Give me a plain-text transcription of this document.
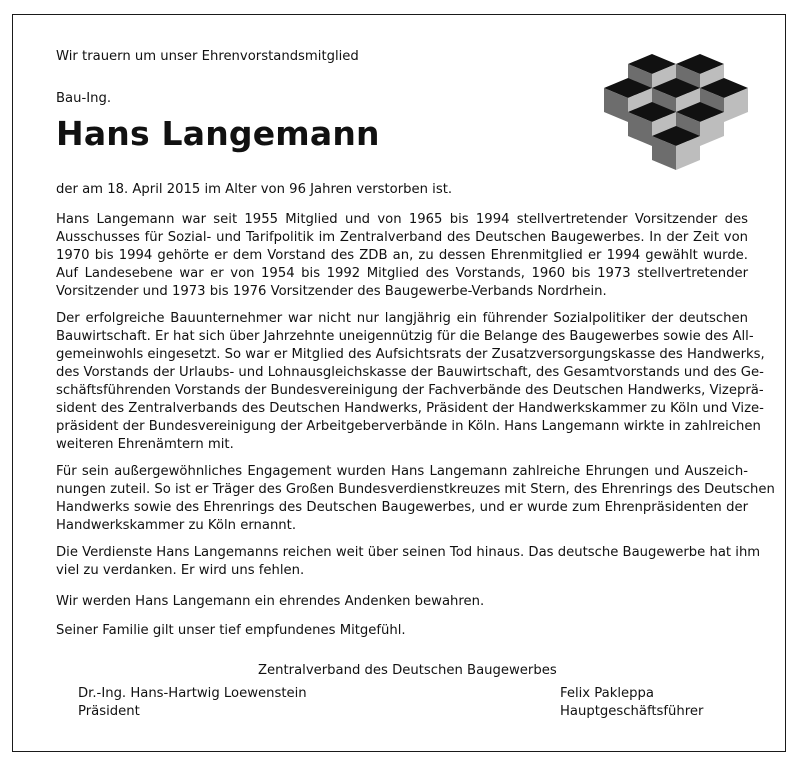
Wir trauern um unser Ehrenvorstandsmitglied

Bau-Ing.

Hans Langemann

der am 18. April 2015 im Alter von 96 Jahren verstorben ist.

Hans Langemann war seit 1955 Mitglied und von 1965 bis 1994 stellvertretender Vorsitzender des
Ausschusses für Sozial- und Tarifpolitik im Zentralverband des Deutschen Baugewerbes. In der Zeit von
1970 bis 1994 gehörte er dem Vorstand des ZDB an, zu dessen Ehrenmitglied er 1994 gewählt wurde.
Auf Landesebene war er von 1954 bis 1992 Mitglied des Vorstands, 1960 bis 1973 stellvertretender
Vorsitzender und 1973 bis 1976 Vorsitzender des Baugewerbe-Verbands Nordrhein.
Der erfolgreiche Bauunternehmer war nicht nur langjährig ein führender Sozialpolitiker der deutschen
Bauwirtschaft. Er hat sich über Jahrzehnte uneigennützig für die Belange des Baugewerbes sowie des All-
gemeinwohls eingesetzt. So war er Mitglied des Aufsichtsrats der Zusatzversorgungskasse des Handwerks,
des Vorstands der Urlaubs- und Lohnausgleichskasse der Bauwirtschaft, des Gesamtvorstands und des Ge-
schäftsführenden Vorstands der Bundesvereinigung der Fachverbände des Deutschen Handwerks, Vizeprä-
sident des Zentralverbands des Deutschen Handwerks, Präsident der Handwerkskammer zu Köln und Vize-
präsident der Bundesvereinigung der Arbeitgeberverbände in Köln. Hans Langemann wirkte in zahlreichen
weiteren Ehrenämtern mit.
Für sein außergewöhnliches Engagement wurden Hans Langemann zahlreiche Ehrungen und Auszeich-
nungen zuteil. So ist er Träger des Großen Bundesverdienstkreuzes mit Stern, des Ehrenrings des Deutschen
Handwerks sowie des Ehrenrings des Deutschen Baugewerbes, und er wurde zum Ehrenpräsidenten der
Handwerkskammer zu Köln ernannt.
Die Verdienste Hans Langemanns reichen weit über seinen Tod hinaus. Das deutsche Baugewerbe hat ihm
viel zu verdanken. Er wird uns fehlen.
Wir werden Hans Langemann ein ehrendes Andenken bewahren.
Seiner Familie gilt unser tief empfundenes Mitgefühl.

Zentralverband des Deutschen Baugewerbes

Dr.-Ing. Hans-Hartwig Loewenstein

Präsident

Felix Pakleppa

Hauptgeschäftsführer
